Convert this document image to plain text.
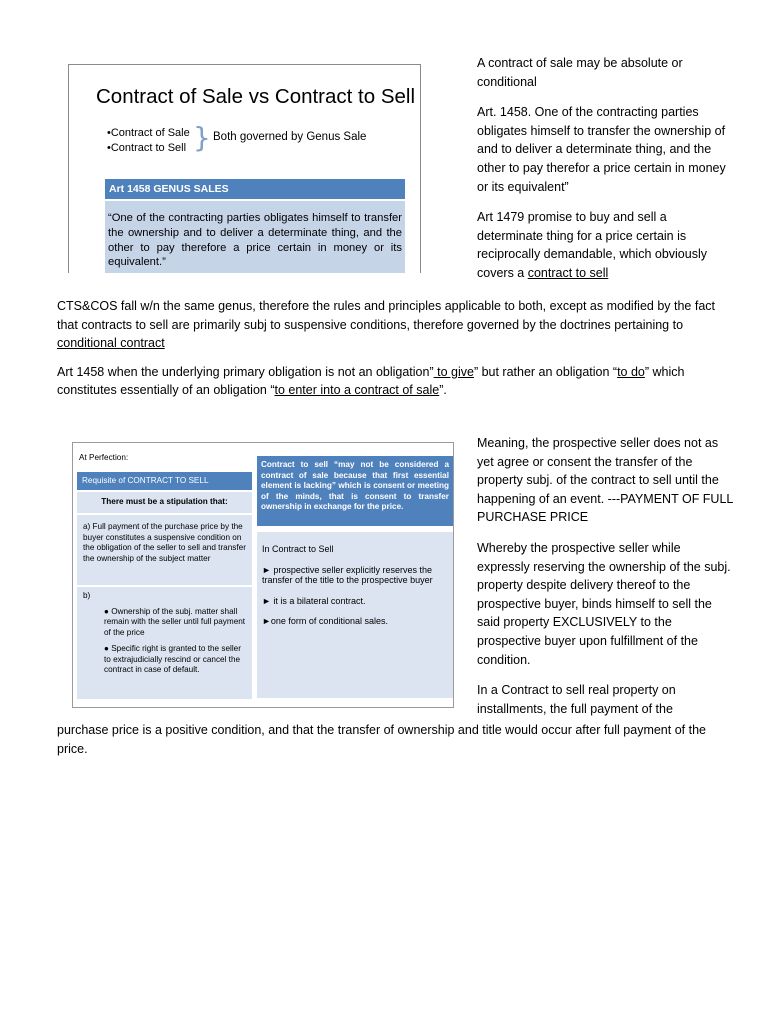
Contract of Sale vs Contract to Sell
•Contract of Sale
•Contract to Sell } Both governed by Genus Sale
Art 1458 GENUS SALES
“One of the contracting parties obligates himself to transfer the ownership and to deliver a determinate thing, and the other to pay therefore a price certain in money or its equivalent.”

A contract of sale may be absolute or conditional

Art. 1458. One of the contracting parties obligates himself to transfer the ownership of and to deliver a determinate thing, and the other to pay therefor a price certain in money or its equivalent”

Art 1479 promise to buy and sell a determinate thing for a price certain is reciprocally demandable, which obviously covers a contract to sell

CTS&COS fall w/n the same genus, therefore the rules and principles applicable to both, except as modified by the fact that contracts to sell are primarily subj to suspensive conditions, therefore governed by the doctrines pertaining to conditional contract

Art 1458 when the underlying primary obligation is not an obligation” to give” but rather an obligation “to do” which constitutes essentially of an obligation “to enter into a contract of sale”.

At Perfection:
Requisite of CONTRACT TO SELL
There must be a stipulation that:
a) Full payment of the purchase price by the buyer constitutes a suspensive condition on the obligation of the seller to sell and transfer the ownership of the subject matter
b)
● Ownership of the subj. matter shall remain with the seller until full payment of the price
● Specific right is granted to the seller to extrajudicially rescind or cancel the contract in case of default.
Contract to sell “may not be considered a contract of sale because that first essential element is lacking” which is consent or meeting of the minds, that is consent to transfer ownership in exchange for the price.
In Contract to Sell
► prospective seller explicitly reserves the transfer of the title to the prospective buyer
► it is a bilateral contract.
►one form of conditional sales.

Meaning, the prospective seller does not as yet agree or consent the transfer of the property subj. of the contract to sell until the happening of an event. ---PAYMENT OF FULL PURCHASE PRICE

Whereby the prospective seller while expressly reserving the ownership of the subj. property despite delivery thereof to the prospective buyer, binds himself to sell the said property EXCLUSIVELY to the prospective buyer upon fulfillment of the condition.

In a Contract to sell real property on
installments, the full payment of the
purchase price is a positive condition, and that the transfer of ownership and title would occur after full payment of the price.
